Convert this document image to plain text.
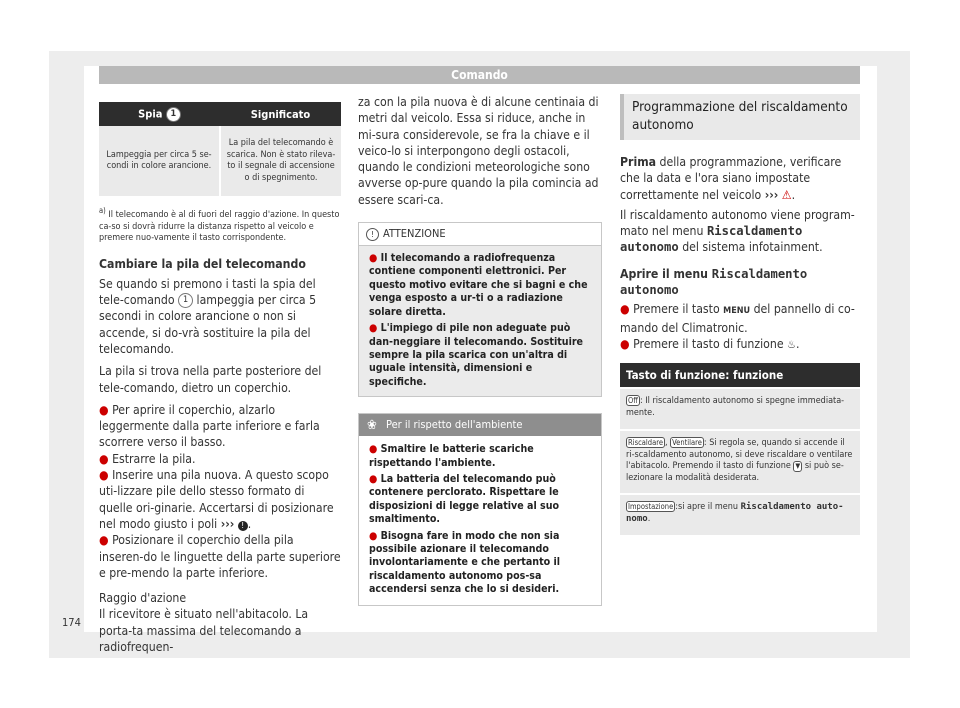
Comando
Spia 1	Significato
Lampeggia per circa 5 se-condi in colore arancione.	La pila del telecomando è scarica. Non è stato rileva-to il segnale di accensione o di spegnimento.

$^{a)}$ Il telecomando è al di fuori del raggio d'azione. In questo ca-so si dovrà ridurre la distanza rispetto al veicolo e premere nuo-vamente il tasto corrispondente.

Cambiare la pila del telecomando

Se quando si premono i tasti la spia del tele-comando 1 lampeggia per circa 5 secondi in colore arancione o non si accende, si do-vrà sostituire la pila del telecomando.

La pila si trova nella parte posteriore del tele-comando, dietro un coperchio.

● Per aprire il coperchio, alzarlo leggermente dalla parte inferiore e farla scorrere verso il basso.

● Estrarre la pila.

● Inserire una pila nuova. A questo scopo uti-lizzare pile dello stesso formato di quelle ori-ginarie. Accertarsi di posizionare nel modo giusto i poli ››› ! .

● Posizionare il coperchio della pila inseren-do le linguette della parte superiore e pre-mendo la parte inferiore.

Raggio d'azione

Il ricevitore è situato nell'abitacolo. La porta-ta massima del telecomando a radiofrequen-

za con la pila nuova è di alcune centinaia di metri dal veicolo. Essa si riduce, anche in mi-sura considerevole, se fra la chiave e il veico-lo si interpongono degli ostacoli, quando le condizioni meteorologiche sono avverse op-pure quando la pila comincia ad essere scari-ca.

! ATTENZIONE

● Il telecomando a radiofrequenza contiene componenti elettronici. Per questo motivo evitare che si bagni e che venga esposto a ur-ti o a radiazione solare diretta.

● L'impiego di pile non adeguate può dan-neggiare il telecomando. Sostituire sempre la pila scarica con un'altra di uguale intensità, dimensioni e specifiche.

❀ Per il rispetto dell'ambiente

● Smaltire le batterie scariche rispettando l'ambiente.

● La batteria del telecomando può contenere perclorato. Rispettare le disposizioni di legge relative al suo smaltimento.

● Bisogna fare in modo che non sia possibile azionare il telecomando involontariamente e che pertanto il riscaldamento autonomo pos-sa accendersi senza che lo si desideri.

Programmazione del riscaldamento autonomo

Prima della programmazione, verificare che la data e l'ora siano impostate correttamente nel veicolo ››› ⚠.

Il riscaldamento autonomo viene program-mato nel menu Riscaldamento autonomo del sistema infotainment.

Aprire il menu Riscaldamento autonomo

● Premere il tasto MENU del pannello di co-mando del Climatronic.

● Premere il tasto di funzione ♨.

Tasto di funzione: funzione
Off : Il riscaldamento autonomo si spegne immediata-mente.
Riscaldare , Ventilare : Si regola se, quando si accende il ri-scaldamento autonomo, si deve riscaldare o ventilare l'abitacolo. Premendo il tasto di funzione ▼ si può se-lezionare la modalità desiderata.
Impostazione :si apre il menu Riscaldamento auto-nomo.
174
